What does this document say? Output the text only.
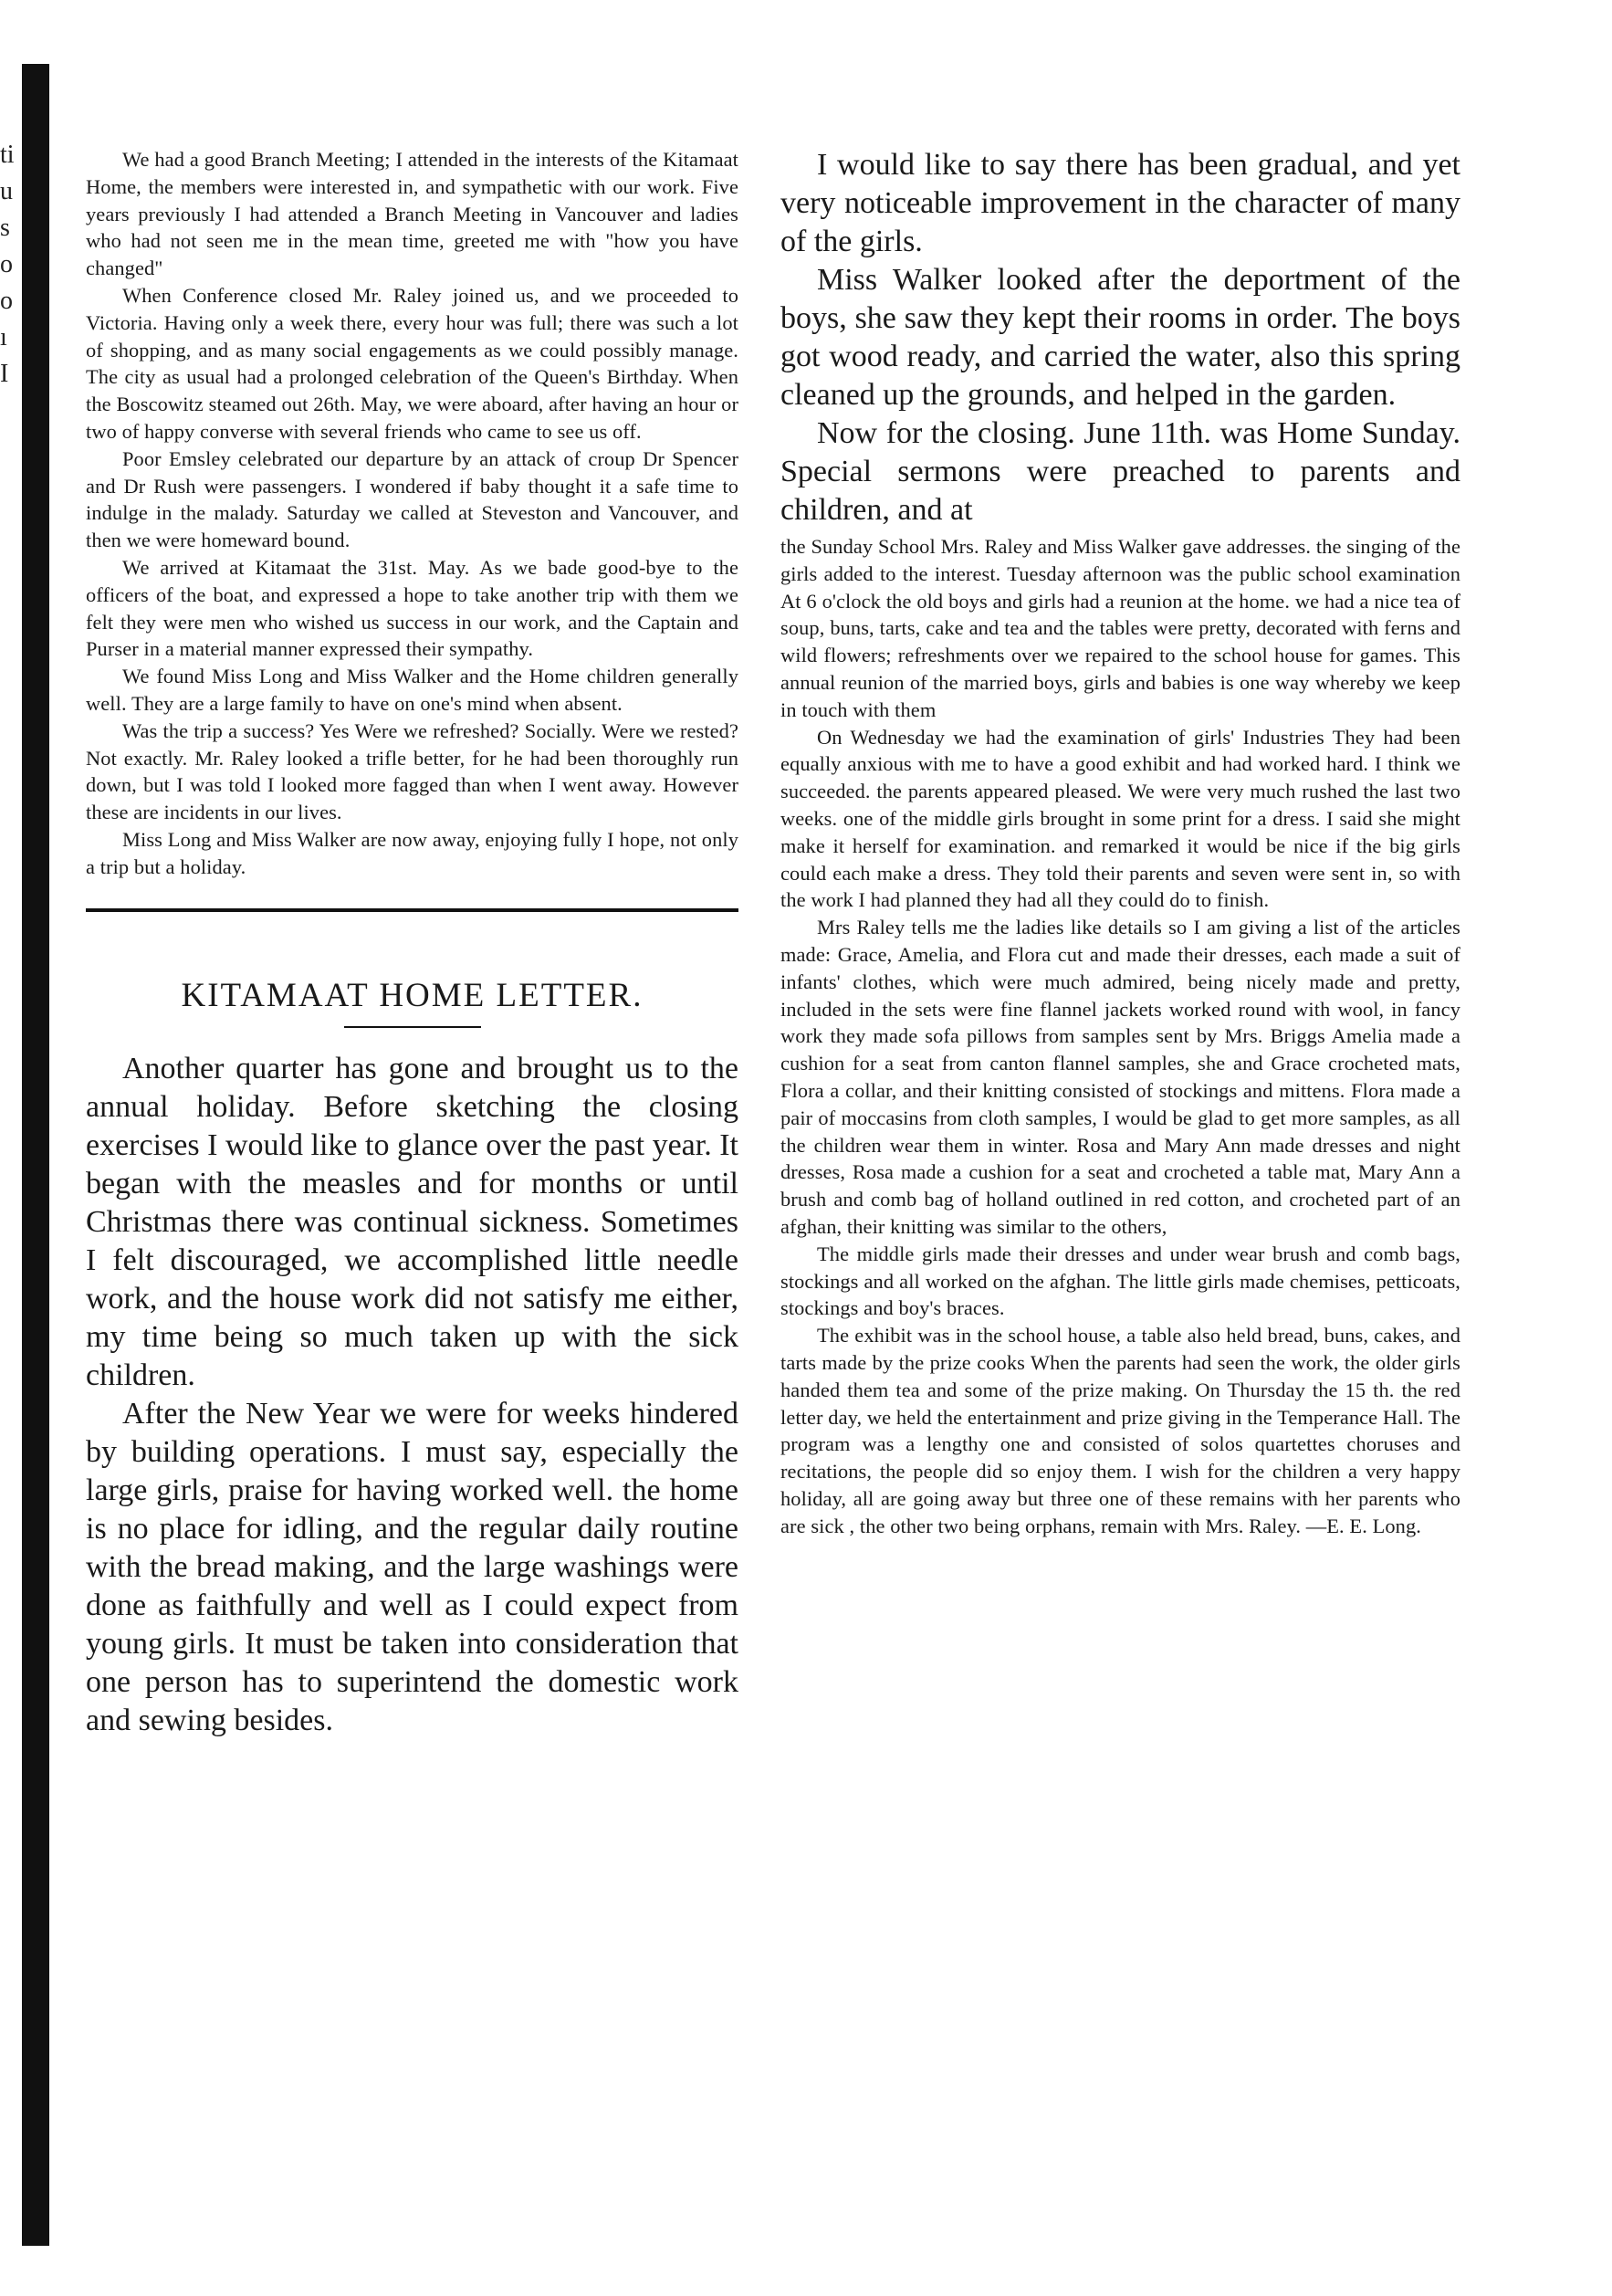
ti
u
s
o
o
ı
I

We had a good Branch Meeting; I attended in the interests of the Kitamaat Home, the members were interested in, and sympathetic with our work. Five years previously I had attended a Branch Meeting in Vancouver and ladies who had not seen me in the mean time, greeted me with "how you have changed"

When Conference closed Mr. Raley joined us, and we proceeded to Victoria. Having only a week there, every hour was full; there was such a lot of shopping, and as many social engagements as we could possibly manage. The city as usual had a prolonged celebration of the Queen's Birthday. When the Boscowitz steamed out 26th. May, we were aboard, after having an hour or two of happy converse with several friends who came to see us off.

Poor Emsley celebrated our departure by an attack of croup Dr Spencer and Dr Rush were passengers. I wondered if baby thought it a safe time to indulge in the malady. Saturday we called at Steveston and Vancouver, and then we were homeward bound.

We arrived at Kitamaat the 31st. May. As we bade good-bye to the officers of the boat, and expressed a hope to take another trip with them we felt they were men who wished us success in our work, and the Captain and Purser in a material manner expressed their sympathy.

We found Miss Long and Miss Walker and the Home children generally well. They are a large family to have on one's mind when absent.

Was the trip a success? Yes Were we refreshed? Socially. Were we rested? Not exactly. Mr. Raley looked a trifle better, for he had been thoroughly run down, but I was told I looked more fagged than when I went away. However these are incidents in our lives.

Miss Long and Miss Walker are now away, enjoying fully I hope, not only a trip but a holiday.

KITAMAAT HOME LETTER.

Another quarter has gone and brought us to the annual holiday. Before sketching the closing exercises I would like to glance over the past year. It began with the measles and for months or until Christmas there was continual sickness. Sometimes I felt discouraged, we accomplished little needle work, and the house work did not satisfy me either, my time being so much taken up with the sick children.

After the New Year we were for weeks hindered by building operations. I must say, especially the large girls, praise for having worked well. the home is no place for idling, and the regular daily routine with the bread making, and the large washings were done as faithfully and well as I could expect from young girls. It must be taken into consideration that one person has to superintend the domestic work and sewing besides.

I would like to say there has been gradual, and yet very noticeable improvement in the character of many of the girls.

Miss Walker looked after the deportment of the boys, she saw they kept their rooms in order. The boys got wood ready, and carried the water, also this spring cleaned up the grounds, and helped in the garden.

Now for the closing. June 11th. was Home Sunday. Special sermons were preached to parents and children, and at

the Sunday School Mrs. Raley and Miss Walker gave addresses. the singing of the girls added to the interest. Tuesday afternoon was the public school examination At 6 o'clock the old boys and girls had a reunion at the home. we had a nice tea of soup, buns, tarts, cake and tea and the tables were pretty, decorated with ferns and wild flowers; refreshments over we repaired to the school house for games. This annual reunion of the married boys, girls and babies is one way whereby we keep in touch with them

On Wednesday we had the examination of girls' Industries They had been equally anxious with me to have a good exhibit and had worked hard. I think we succeeded. the parents appeared pleased. We were very much rushed the last two weeks. one of the middle girls brought in some print for a dress. I said she might make it herself for examination. and remarked it would be nice if the big girls could each make a dress. They told their parents and seven were sent in, so with the work I had planned they had all they could do to finish.

Mrs Raley tells me the ladies like details so I am giving a list of the articles made: Grace, Amelia, and Flora cut and made their dresses, each made a suit of infants' clothes, which were much admired, being nicely made and pretty, included in the sets were fine flannel jackets worked round with wool, in fancy work they made sofa pillows from samples sent by Mrs. Briggs Amelia made a cushion for a seat from canton flannel samples, she and Grace crocheted mats, Flora a collar, and their knitting consisted of stockings and mittens. Flora made a pair of moccasins from cloth samples, I would be glad to get more samples, as all the children wear them in winter. Rosa and Mary Ann made dresses and night dresses, Rosa made a cushion for a seat and crocheted a table mat, Mary Ann a brush and comb bag of holland outlined in red cotton, and crocheted part of an afghan, their knitting was similar to the others,

The middle girls made their dresses and under wear brush and comb bags, stockings and all worked on the afghan. The little girls made chemises, petticoats, stockings and boy's braces.

The exhibit was in the school house, a table also held bread, buns, cakes, and tarts made by the prize cooks When the parents had seen the work, the older girls handed them tea and some of the prize making. On Thursday the 15 th. the red letter day, we held the entertainment and prize giving in the Temperance Hall. The program was a lengthy one and consisted of solos quartettes choruses and recitations, the people did so enjoy them. I wish for the children a very happy holiday, all are going away but three one of these remains with her parents who are sick , the other two being orphans, remain with Mrs. Raley. —E. E. Long.
